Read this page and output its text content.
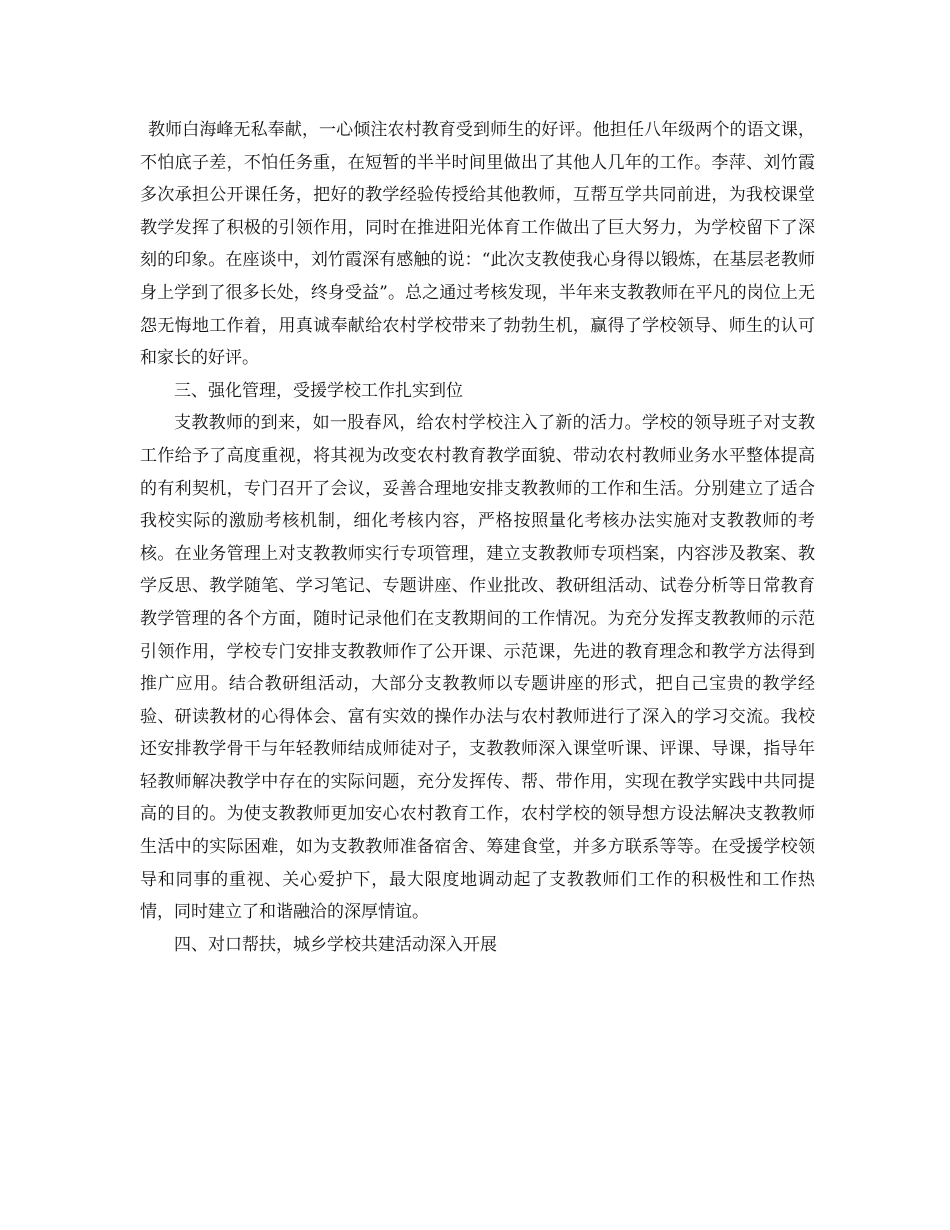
教师白海峰无私奉献，一心倾注农村教育受到师生的好评。他担任八年级两个的语文课，不怕底子差，不怕任务重，在短暂的半半时间里做出了其他人几年的工作。李萍、刘竹霞多次承担公开课任务，把好的教学经验传授给其他教师，互帮互学共同前进，为我校课堂教学发挥了积极的引领作用，同时在推进阳光体育工作做出了巨大努力，为学校留下了深刻的印象。在座谈中，刘竹霞深有感触的说：“此次支教使我心身得以锻炼，在基层老教师身上学到了很多长处，终身受益”。总之通过考核发现，半年来支教教师在平凡的岗位上无怨无悔地工作着，用真诚奉献给农村学校带来了勃勃生机，赢得了学校领导、师生的认可和家长的好评。

三、强化管理，受援学校工作扎实到位

支教教师的到来，如一股春风，给农村学校注入了新的活力。学校的领导班子对支教工作给予了高度重视，将其视为改变农村教育教学面貌、带动农村教师业务水平整体提高的有利契机，专门召开了会议，妥善合理地安排支教教师的工作和生活。分别建立了适合我校实际的激励考核机制，细化考核内容，严格按照量化考核办法实施对支教教师的考核。在业务管理上对支教教师实行专项管理，建立支教教师专项档案，内容涉及教案、教学反思、教学随笔、学习笔记、专题讲座、作业批改、教研组活动、试卷分析等日常教育教学管理的各个方面，随时记录他们在支教期间的工作情况。为充分发挥支教教师的示范引领作用，学校专门安排支教教师作了公开课、示范课，先进的教育理念和教学方法得到推广应用。结合教研组活动，大部分支教教师以专题讲座的形式，把自己宝贵的教学经验、研读教材的心得体会、富有实效的操作办法与农村教师进行了深入的学习交流。我校还安排教学骨干与年轻教师结成师徒对子，支教教师深入课堂听课、评课、导课，指导年轻教师解决教学中存在的实际问题，充分发挥传、帮、带作用，实现在教学实践中共同提高的目的。为使支教教师更加安心农村教育工作，农村学校的领导想方设法解决支教教师生活中的实际困难，如为支教教师准备宿舍、筹建食堂，并多方联系等等。在受援学校领导和同事的重视、关心爱护下，最大限度地调动起了支教教师们工作的积极性和工作热情，同时建立了和谐融洽的深厚情谊。

四、对口帮扶，城乡学校共建活动深入开展
